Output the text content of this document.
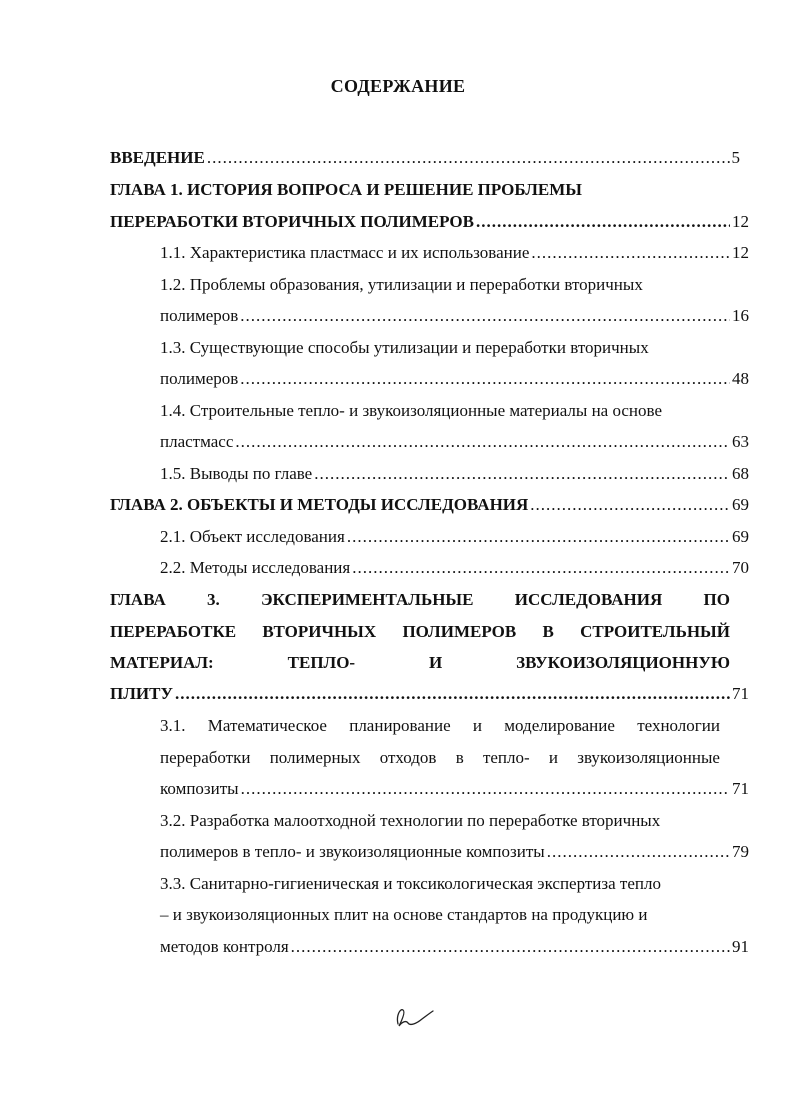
СОДЕРЖАНИЕ
ВВЕДЕНИЕ .....	5
ГЛАВА 1. ИСТОРИЯ ВОПРОСА И РЕШЕНИЕ ПРОБЛЕМЫ
ПЕРЕРАБОТКИ ВТОРИЧНЫХ ПОЛИМЕРОВ .....	12
1.1. Характеристика пластмасс и их использование .....	12
1.2. Проблемы образования, утилизации и переработки вторичных
полимеров .....	16
1.3. Существующие способы утилизации и переработки вторичных
полимеров .....	48
1.4. Строительные тепло- и звукоизоляционные материалы на основе
пластмасс .....	63
1.5. Выводы по главе .....	68
ГЛАВА 2. ОБЪЕКТЫ И МЕТОДЫ ИССЛЕДОВАНИЯ .....	69
2.1. Объект исследования .....	69
2.2. Методы исследования .....	70
ГЛАВА 3. ЭКСПЕРИМЕНТАЛЬНЫЕ ИССЛЕДОВАНИЯ ПО
ПЕРЕРАБОТКЕ ВТОРИЧНЫХ ПОЛИМЕРОВ В СТРОИТЕЛЬНЫЙ
МАТЕРИАЛ:	ТЕПЛО-	И	ЗВУКОИЗОЛЯЦИОННУЮ
ПЛИТУ .....	71
3.1. Математическое планирование и моделирование технологии
переработки полимерных отходов в тепло- и звукоизоляционные
композиты .....	71
3.2. Разработка малоотходной технологии по переработке вторичных
полимеров в тепло- и звукоизоляционные композиты .....	79
3.3. Санитарно-гигиеническая и токсикологическая экспертиза тепло
– и звукоизоляционных плит на основе стандартов на продукцию и
методов контроля .....	91
